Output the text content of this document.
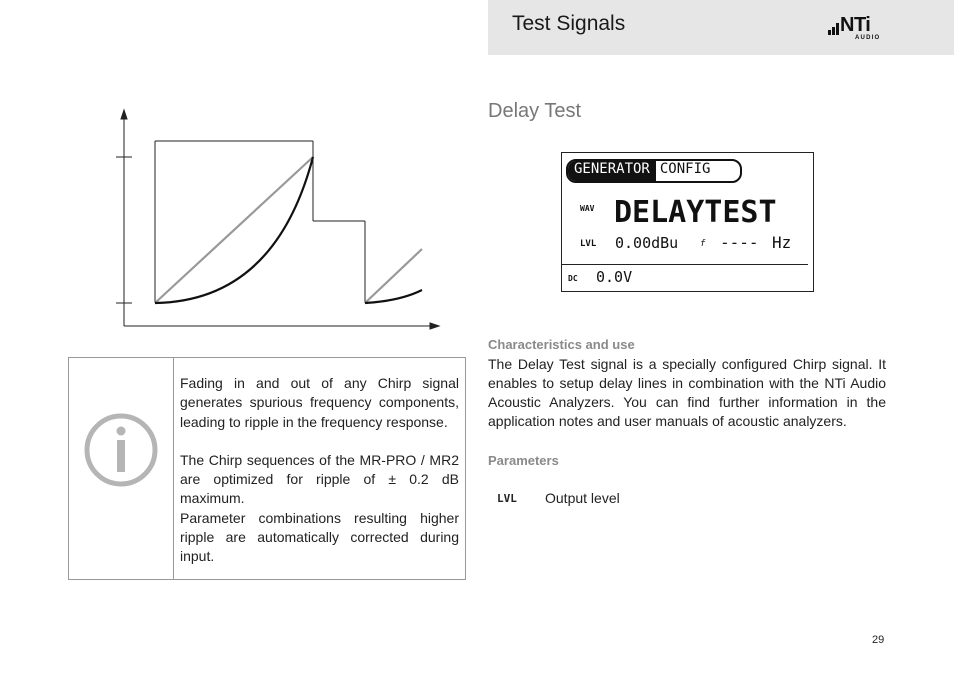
Test Signals	NTi
AUDIO
Delay Test
GENERATOR CONFIG
WAV DELAYTEST
LVL 0.00dBu f ---- Hz
DC 0.0V
Characteristics and use
The Delay Test signal is a specially configured Chirp signal. It enables to setup delay lines in combination with the NTi Audio Acoustic Analyzers. You can find further information in the application notes and user manuals of acoustic analyzers.
Parameters
LVL Output level

Fading in and out of any Chirp signal generates spurious frequency components, leading to ripple in the frequency response.

The Chirp sequences of the MR-PRO / MR2 are optimized for ripple of ± 0.2 dB maximum.

Parameter combinations resulting higher ripple are automatically corrected during input.

29
